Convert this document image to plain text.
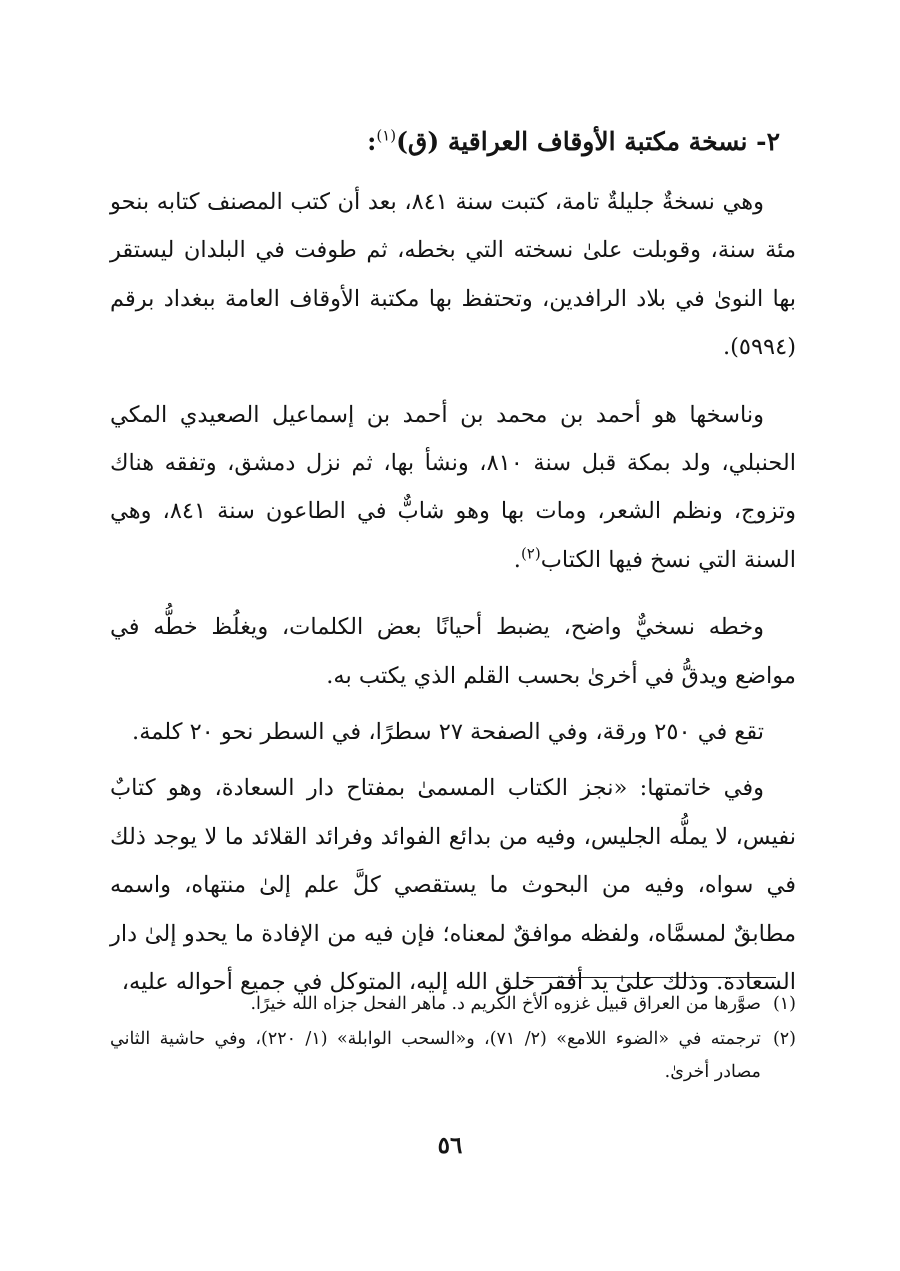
٢- نسخة مكتبة الأوقاف العراقية (ق)$^{(١)}$:

وهي نسخةٌ جليلةٌ تامة، كتبت سنة ٨٤١، بعد أن كتب المصنف كتابه بنحو مئة سنة، وقوبلت علىٰ نسخته التي بخطه، ثم طوفت في البلدان ليستقر بها النوىٰ في بلاد الرافدين، وتحتفظ بها مكتبة الأوقاف العامة ببغداد برقم (٥٩٩٤).

وناسخها هو أحمد بن محمد بن أحمد بن إسماعيل الصعيدي المكي الحنبلي، ولد بمكة قبل سنة ٨١٠، ونشأ بها، ثم نزل دمشق، وتفقه هناك وتزوج، ونظم الشعر، ومات بها وهو شابٌّ في الطاعون سنة ٨٤١، وهي السنة التي نسخ فيها الكتاب$^{(٢)}$.

وخطه نسخيٌّ واضح، يضبط أحيانًا بعض الكلمات، ويغلُظ خطُّه في مواضع ويدقُّ في أخرىٰ بحسب القلم الذي يكتب به.

تقع في ٢٥٠ ورقة، وفي الصفحة ٢٧ سطرًا، في السطر نحو ٢٠ كلمة.

وفي خاتمتها: «نجز الكتاب المسمىٰ بمفتاح دار السعادة، وهو كتابٌ نفيس، لا يملُّه الجليس، وفيه من بدائع الفوائد وفرائد القلائد ما لا يوجد ذلك في سواه، وفيه من البحوث ما يستقصي كلَّ علم إلىٰ منتهاه، واسمه مطابقٌ لمسمَّاه، ولفظه موافقٌ لمعناه؛ فإن فيه من الإفادة ما يحدو إلىٰ دار السعادة. وذلك علىٰ يد أفقر خلق الله إليه، المتوكل في جميع أحواله عليه،

(١)
صوَّرها من العراق قبيل غزوه الأخ الكريم د. ماهر الفحل جزاه الله خيرًا.
(٢)
ترجمته في «الضوء اللامع» (٢/ ٧١)، و«السحب الوابلة» (١/ ٢٢٠)، وفي حاشية الثاني مصادر أخرىٰ.
٥٦
